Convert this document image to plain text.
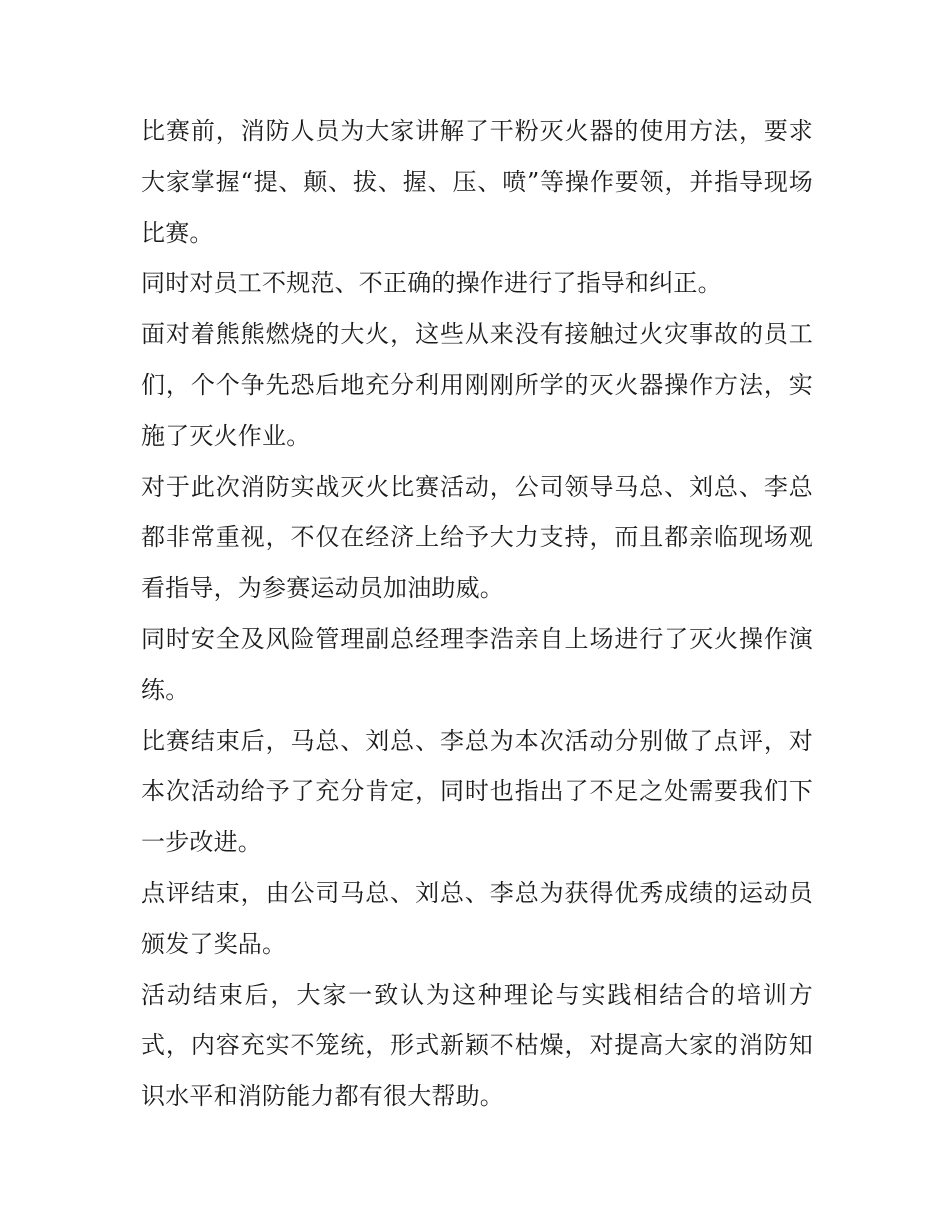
比赛前，消防人员为大家讲解了干粉灭火器的使用方法，要求大家掌握“提、颠、拔、握、压、喷”等操作要领，并指导现场比赛。

同时对员工不规范、不正确的操作进行了指导和纠正。

面对着熊熊燃烧的大火，这些从来没有接触过火灾事故的员工们，个个争先恐后地充分利用刚刚所学的灭火器操作方法，实施了灭火作业。

对于此次消防实战灭火比赛活动，公司领导马总、刘总、李总都非常重视，不仅在经济上给予大力支持，而且都亲临现场观看指导，为参赛运动员加油助威。

同时安全及风险管理副总经理李浩亲自上场进行了灭火操作演练。

比赛结束后，马总、刘总、李总为本次活动分别做了点评，对本次活动给予了充分肯定，同时也指出了不足之处需要我们下一步改进。

点评结束，由公司马总、刘总、李总为获得优秀成绩的运动员颁发了奖品。

活动结束后，大家一致认为这种理论与实践相结合的培训方式，内容充实不笼统，形式新颖不枯燥，对提高大家的消防知识水平和消防能力都有很大帮助。
